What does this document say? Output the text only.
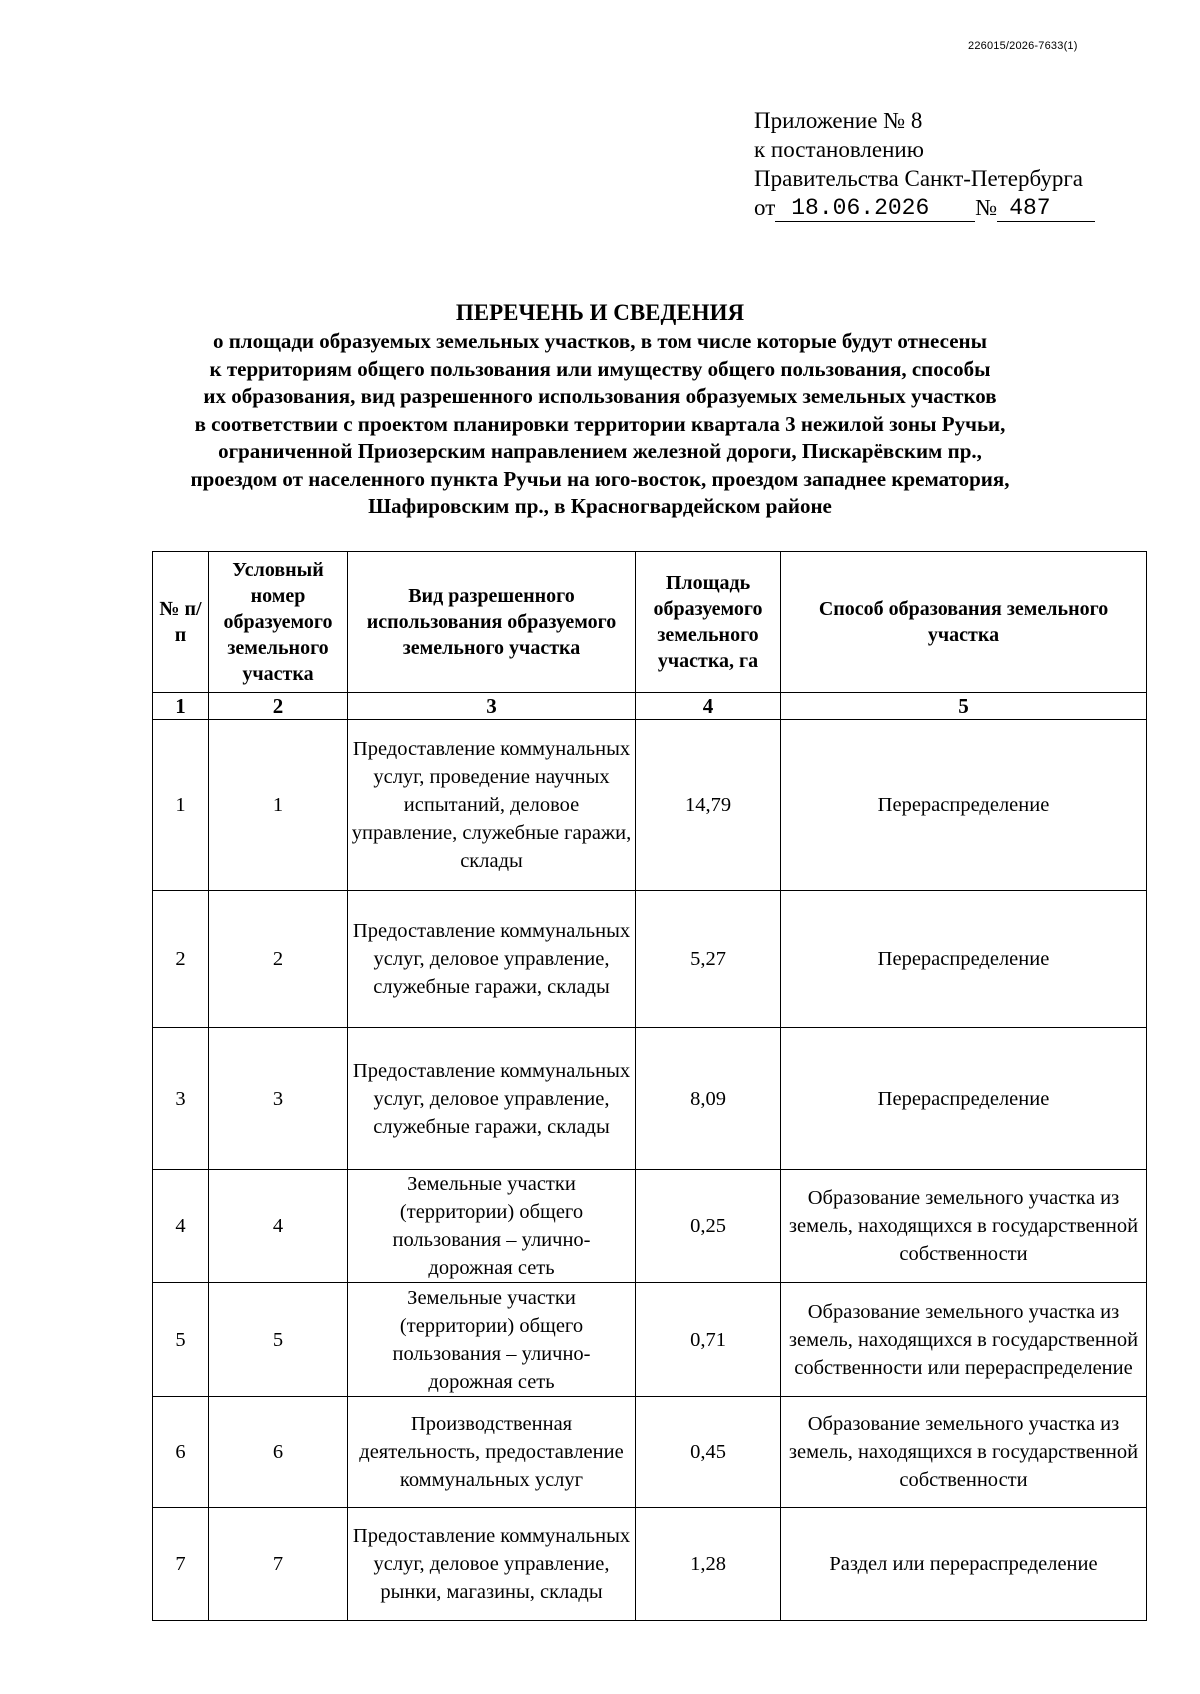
226015/2026-7633(1)
Приложение № 8
к постановлению
Правительства Санкт-Петербурга
от 18.06.2026	№ 487
ПЕРЕЧЕНЬ И СВЕДЕНИЯ
о площади образуемых земельных участков, в том числе которые будут отнесены
к территориям общего пользования или имуществу общего пользования, способы
их образования, вид разрешенного использования образуемых земельных участков
в соответствии с проектом планировки территории квартала 3 нежилой зоны Ручьи,
ограниченной Приозерским направлением железной дороги, Пискарёвским пр.,
проездом от населенного пункта Ручьи на юго-восток, проездом западнее крематория,
Шафировским пр., в Красногвардейском районе
№ п/п	Условный номер образуемого земельного участка	Вид разрешенного использования образуемого земельного участка	Площадь образуемого земельного участка, га	Способ образования земельного участка
1	2	3	4	5
1	1	Предоставление коммунальных услуг, проведение научных испытаний, деловое управление, служебные гаражи, склады	14,79	Перераспределение
2	2	Предоставление коммунальных услуг, деловое управление, служебные гаражи, склады	5,27	Перераспределение
3	3	Предоставление коммунальных услуг, деловое управление, служебные гаражи, склады	8,09	Перераспределение
4	4	Земельные участки (территории) общего пользования – улично-дорожная сеть	0,25	Образование земельного участка из земель, находящихся в государственной собственности
5	5	Земельные участки (территории) общего пользования – улично-дорожная сеть	0,71	Образование земельного участка из земель, находящихся в государственной собственности или перераспределение
6	6	Производственная деятельность, предоставление коммунальных услуг	0,45	Образование земельного участка из земель, находящихся в государственной собственности
7	7	Предоставление коммунальных услуг, деловое управление, рынки, магазины, склады	1,28	Раздел или перераспределение
